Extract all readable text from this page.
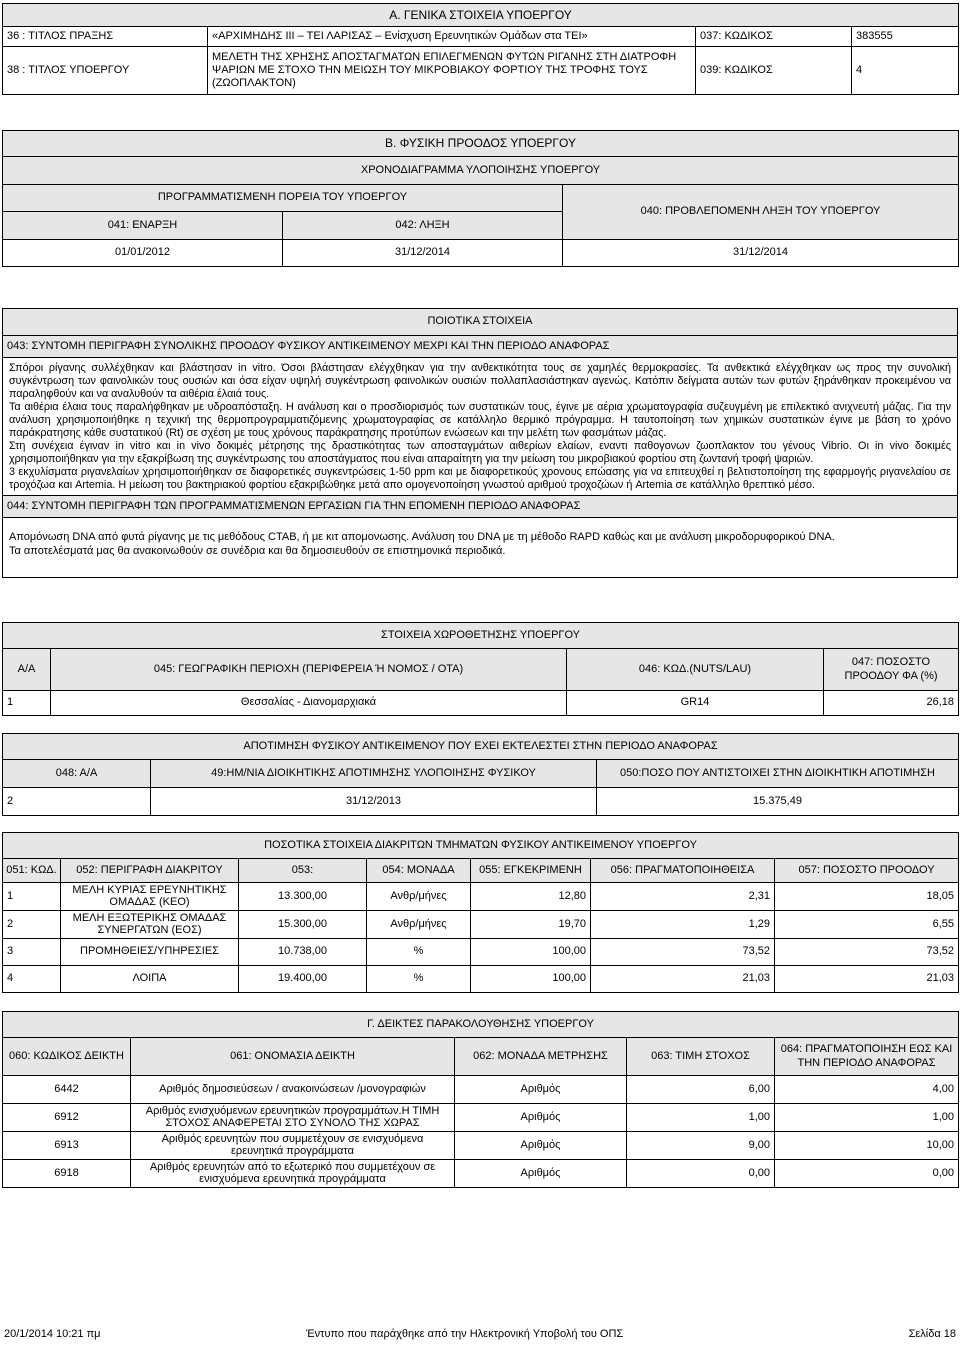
Α. ΓΕΝΙΚΑ ΣΤΟΙΧΕΙΑ ΥΠΟΕΡΓΟΥ			
36 : ΤΙΤΛΟΣ ΠΡΑΞΗΣ	«ΑΡΧΙΜΗΔΗΣ ΙΙΙ – ΤΕΙ ΛΑΡΙΣΑΣ – Ενίσχυση Ερευνητικών Ομάδων στα ΤΕΙ»	037: ΚΩΔΙΚΟΣ	383555
38 : ΤΙΤΛΟΣ ΥΠΟΕΡΓΟΥ	ΜΕΛΕΤΗ ΤΗΣ ΧΡΗΣΗΣ ΑΠΟΣΤΑΓΜΑΤΩΝ ΕΠΙΛΕΓΜΕΝΩΝ ΦΥΤΩΝ ΡΙΓΑΝΗΣ ΣΤΗ ΔΙΑΤΡΟΦΗ ΨΑΡΙΩΝ ΜΕ ΣΤΟΧΟ ΤΗΝ ΜΕΙΩΣΗ ΤΟΥ ΜΙΚΡΟΒΙΑΚΟΥ ΦΟΡΤΙΟΥ ΤΗΣ ΤΡΟΦΗΣ ΤΟΥΣ (ΖΩΟΠΛΑΚΤΟΝ)	039: ΚΩΔΙΚΟΣ	4
Β. ΦΥΣΙΚΗ ΠΡΟΟΔΟΣ ΥΠΟΕΡΓΟΥ		
ΧΡΟΝΟΔΙΑΓΡΑΜΜΑ ΥΛΟΠΟΙΗΣΗΣ ΥΠΟΕΡΓΟΥ		
ΠΡΟΓΡΑΜΜΑΤΙΣΜΕΝΗ ΠΟΡΕΙΑ ΤΟΥ ΥΠΟΕΡΓΟΥ		040: ΠΡΟΒΛΕΠΟΜΕΝΗ ΛΗΞΗ ΤΟΥ ΥΠΟΕΡΓΟΥ
041: ΕΝΑΡΞΗ	042: ΛΗΞΗ	
01/01/2012	31/12/2014	31/12/2014
ΠΟΙΟΤΙΚΑ ΣΤΟΙΧΕΙΑ
043: ΣΥΝΤΟΜΗ ΠΕΡΙΓΡΑΦΗ ΣΥΝΟΛΙΚΗΣ ΠΡΟΟΔΟΥ ΦΥΣΙΚΟΥ ΑΝΤΙΚΕΙΜΕΝΟΥ ΜΕΧΡΙ ΚΑΙ ΤΗΝ ΠΕΡΙΟΔΟ ΑΝΑΦΟΡΑΣ

Σπόροι ρίγανης συλλέχθηκαν και βλάστησαν in vitro. Όσοι βλάστησαν ελέγχθηκαν για την ανθεκτικότητα τους σε χαμηλές θερμοκρασίες. Τα ανθεκτικά ελέγχθηκαν ως προς την συνολική συγκέντρωση των φαινολικών τους ουσιών και όσα είχαν υψηλή συγκέντρωση φαινολικών ουσιών πολλαπλασιάστηκαν αγενώς. Κατόπιν δείγματα αυτών των φυτών ξηράνθηκαν προκειμένου να παραληφθούν και να αναλυθούν τα αιθέρια έλαιά τους.
Τα αιθέρια έλαια τους παραλήφθηκαν με υδροαπόσταξη. Η ανάλυση και ο προσδιορισμός των συστατικών τους, έγινε με αέρια χρωματογραφία συζευγμένη με επιλεκτικό ανιχνευτή μάζας. Για την ανάλυση χρησιμοποιήθηκε η τεχνική της θερμοπρογραμματιζόμενης χρωματογραφίας σε κατάλληλο θερμικό πρόγραμμα. Η ταυτοποίηση των χημικών συστατικών έγινε με βάση το χρόνο παράκρατησης κάθε συστατικού (Rt) σε σχέση με τους χρόνους παράκρατησης προτύπων ενώσεων και την μελέτη των φασμάτων μάζας.
Στη συνέχεια έγιναν in vitro και in vivo δοκιμές μέτρησης της δραστικότητας των αποσταγμάτων αιθερίων ελαίων, εναντι παθογονων ζωοπλακτον του γένους Vibrio. Οι in vivo δοκιμές χρησιμοποιήθηκαν για την εξακρίβωση της συγκέντρωσης του αποστάγματος που είναι απαραίτητη για την μείωση του μικροβιακού φορτίου στη ζωντανή τροφή ψαριών.
3 εκχυλίσματα ριγανελαίων χρησιμοποιήθηκαν σε διαφορετικές συγκεντρώσεις 1-50 ppm και με διαφορετικούς χρονους επώασης για να επιτευχθεί η βελτιστοποίηση της εφαρμογής ριγανελαίου σε τροχόζωα και Artemia. Η μείωση του βακτηριακού φορτίου εξακριβώθηκε μετά απο ομογενοποίηση γνωστού αριθμού τροχοζώων ή Artemia σε κατάλληλο θρεπτικό μέσο.

044: ΣΥΝΤΟΜΗ ΠΕΡΙΓΡΑΦΗ ΤΩΝ ΠΡΟΓΡΑΜΜΑΤΙΣΜΕΝΩΝ ΕΡΓΑΣΙΩΝ ΓΙΑ ΤΗΝ ΕΠΟΜΕΝΗ ΠΕΡΙΟΔΟ ΑΝΑΦΟΡΑΣ

Απομόνωση DNA από φυτά ρίγανης με τις μεθόδους CTAB, ή με κιτ απομονωσης. Ανάλυση του DNA με τη μέθοδο RAPD καθώς και με ανάλυση μικροδορυφορικού DNA.
Τα αποτελέσματά μας θα ανακοινωθούν σε συνέδρια και θα δημοσιευθούν σε επιστημονικά περιοδικά.
ΣΤΟΙΧΕΙΑ ΧΩΡΟΘΕΤΗΣΗΣ ΥΠΟΕΡΓΟΥ			
Α/Α	045: ΓΕΩΓΡΑΦΙΚΗ ΠΕΡΙΟΧΗ (ΠΕΡΙΦΕΡΕΙΑ Ή ΝΟΜΟΣ / ΟΤΑ)	046: ΚΩΔ.(NUTS/LAU)	047: ΠΟΣΟΣΤΟ ΠΡΟΟΔΟΥ ΦΑ (%)
1	Θεσσαλίας - Διανομαρχιακά	GR14	26,18
ΑΠΟΤΙΜΗΣΗ ΦΥΣΙΚΟΥ ΑΝΤΙΚΕΙΜΕΝΟΥ ΠΟΥ ΕΧΕΙ ΕΚΤΕΛΕΣΤΕΙ ΣΤΗΝ ΠΕΡΙΟΔΟ ΑΝΑΦΟΡΑΣ		
048: Α/Α	49:ΗΜ/ΝΙΑ ΔΙΟΙΚΗΤΙΚΗΣ ΑΠΟΤΙΜΗΣΗΣ ΥΛΟΠΟΙΗΣΗΣ ΦΥΣΙΚΟΥ	050:ΠΟΣΟ ΠΟΥ ΑΝΤΙΣΤΟΙΧΕΙ ΣΤΗΝ ΔΙΟΙΚΗΤΙΚΗ ΑΠΟΤΙΜΗΣΗ
2	31/12/2013	15.375,49
ΠΟΣΟΤΙΚΑ ΣΤΟΙΧΕΙΑ ΔΙΑΚΡΙΤΩΝ ΤΜΗΜΑΤΩΝ ΦΥΣΙΚΟΥ ΑΝΤΙΚΕΙΜΕΝΟΥ ΥΠΟΕΡΓΟΥ						
051: ΚΩΔ.	052: ΠΕΡΙΓΡΑΦΗ ΔΙΑΚΡΙΤΟΥ	053:	054: ΜΟΝΑΔΑ	055: ΕΓΚΕΚΡΙΜΕΝΗ	056: ΠΡΑΓΜΑΤΟΠΟΙΗΘΕΙΣΑ	057: ΠΟΣΟΣΤΟ ΠΡΟΟΔΟΥ
1	ΜΕΛΗ ΚΥΡΙΑΣ ΕΡΕΥΝΗΤΙΚΗΣ ΟΜΑΔΑΣ (ΚΕΟ)	13.300,00	Ανθρ/μήνες	12,80	2,31	18,05
2	ΜΕΛΗ ΕΞΩΤΕΡΙΚΗΣ ΟΜΑΔΑΣ ΣΥΝΕΡΓΑΤΩΝ (ΕΟΣ)	15.300,00	Ανθρ/μήνες	19,70	1,29	6,55
3	ΠΡΟΜΗΘΕΙΕΣ/ΥΠΗΡΕΣΙΕΣ	10.738,00	%	100,00	73,52	73,52
4	ΛΟΙΠΑ	19.400,00	%	100,00	21,03	21,03
Γ. ΔΕΙΚΤΕΣ ΠΑΡΑΚΟΛΟΥΘΗΣΗΣ ΥΠΟΕΡΓΟΥ				
060: ΚΩΔΙΚΟΣ ΔΕΙΚΤΗ	061: ΟΝΟΜΑΣΙΑ ΔΕΙΚΤΗ	062: ΜΟΝΑΔΑ ΜΕΤΡΗΣΗΣ	063: ΤΙΜΗ ΣΤΟΧΟΣ	064: ΠΡΑΓΜΑΤΟΠΟΙΗΣΗ ΕΩΣ ΚΑΙ ΤΗΝ ΠΕΡΙΟΔΟ ΑΝΑΦΟΡΑΣ
6442	Αριθμός δημοσιεύσεων / ανακοινώσεων /μονογραφιών	Αριθμός	6,00	4,00
6912	Αριθμός ενισχυόμενων ερευνητικών προγραμμάτων.Η ΤΙΜΗ ΣΤΟΧΟΣ ΑΝΑΦΕΡΕΤΑΙ ΣΤΟ ΣΥΝΟΛΟ ΤΗΣ ΧΩΡΑΣ	Αριθμός	1,00	1,00
6913	Αριθμός ερευνητών που συμμετέχουν σε ενισχυόμενα ερευνητικά προγράμματα	Αριθμός	9,00	10,00
6918	Αριθμός ερευνητών από το εξωτερικό που συμμετέχουν σε ενισχυόμενα ερευνητικά προγράμματα	Αριθμός	0,00	0,00
20/1/2014 10:21 πμ	Έντυπο που παράχθηκε από την Ηλεκτρονική Υποβολή του ΟΠΣ	Σελίδα 18
